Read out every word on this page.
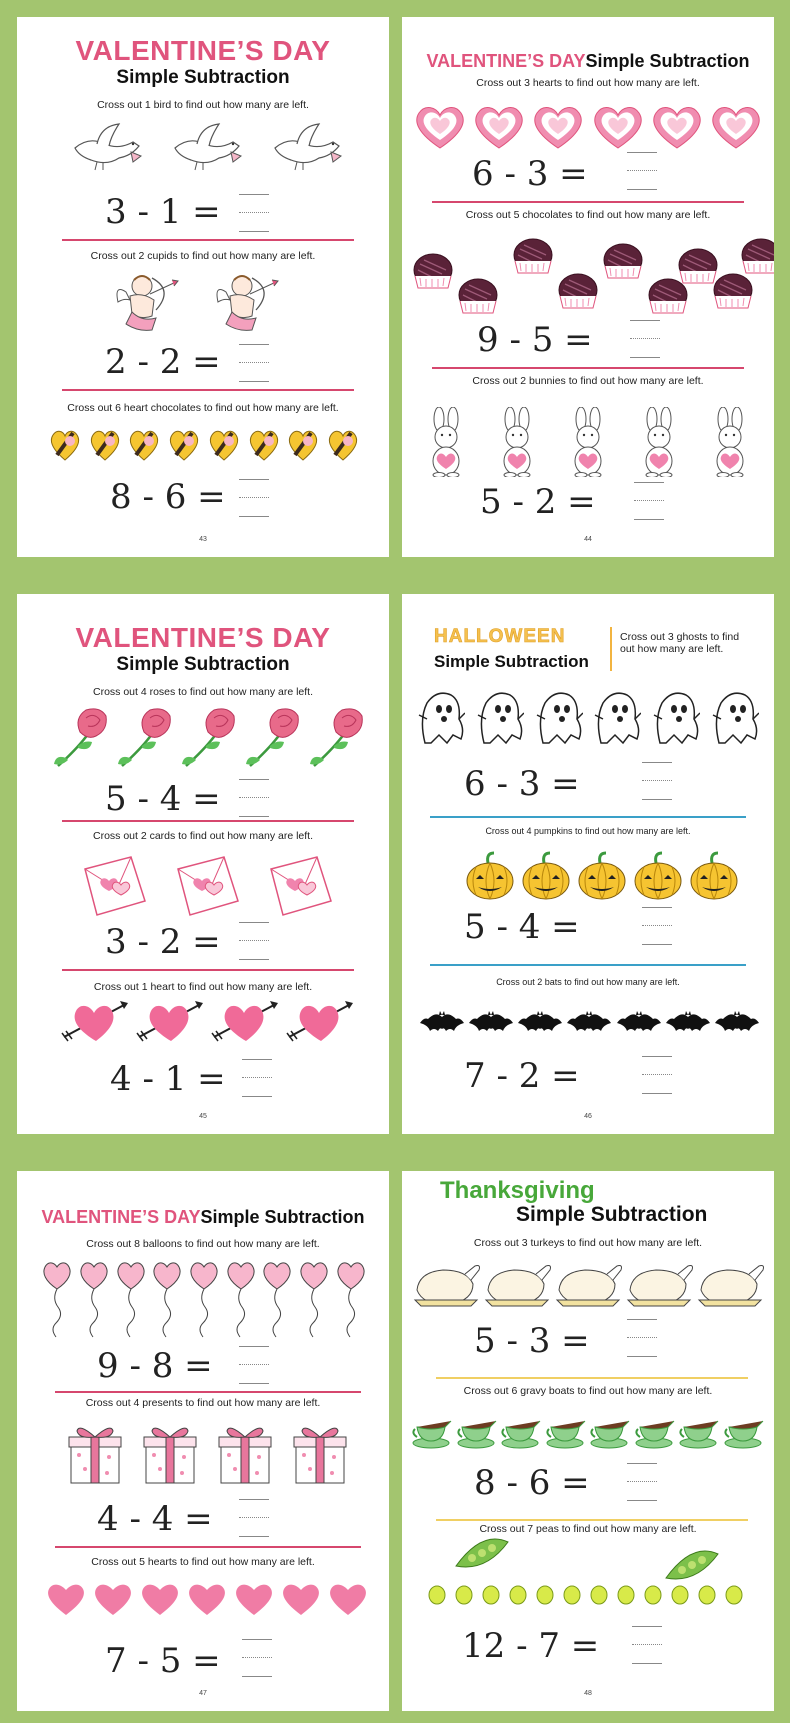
VALENTINE’S DAY
Simple Subtraction
Cross out 1 bird to find out how many are left.
3 - 1 =
Cross out 2 cupids to find out how many are left.
2 - 2 =
Cross out 6 heart chocolates to find out how many are left.
8 - 6 =
43
VALENTINE’S DAYSimple Subtraction
Cross out 3 hearts to find out how many are left.
6 - 3 =
Cross out 5 chocolates to find out how many are left.
9 - 5 =
Cross out 2 bunnies to find out how many are left.
5 - 2 =
44
VALENTINE’S DAY
Simple Subtraction
Cross out 4 roses to find out how many are left.
5 - 4 =
Cross out 2 cards to find out how many are left.
3 - 2 =
Cross out 1 heart to find out how many are left.
4 - 1 =
45
HALLOWEEN
Simple Subtraction
Cross out 3 ghosts to find out how many are left.
6 - 3 =
Cross out 4 pumpkins to find out how many are left.
5 - 4 =
Cross out 2 bats to find out how many are left.
7 - 2 =
46
VALENTINE’S DAYSimple Subtraction
Cross out 8 balloons to find out how many are left.
9 - 8 =
Cross out 4 presents to find out how many are left.
4 - 4 =
Cross out 5 hearts to find out how many are left.
7 - 5 =
47
Thanksgiving
Simple Subtraction
Cross out 3 turkeys to find out how many are left.
5 - 3 =
Cross out 6 gravy boats to find out how many are left.
8 - 6 =
Cross out 7 peas to find out how many are left.
12 - 7 =
48
